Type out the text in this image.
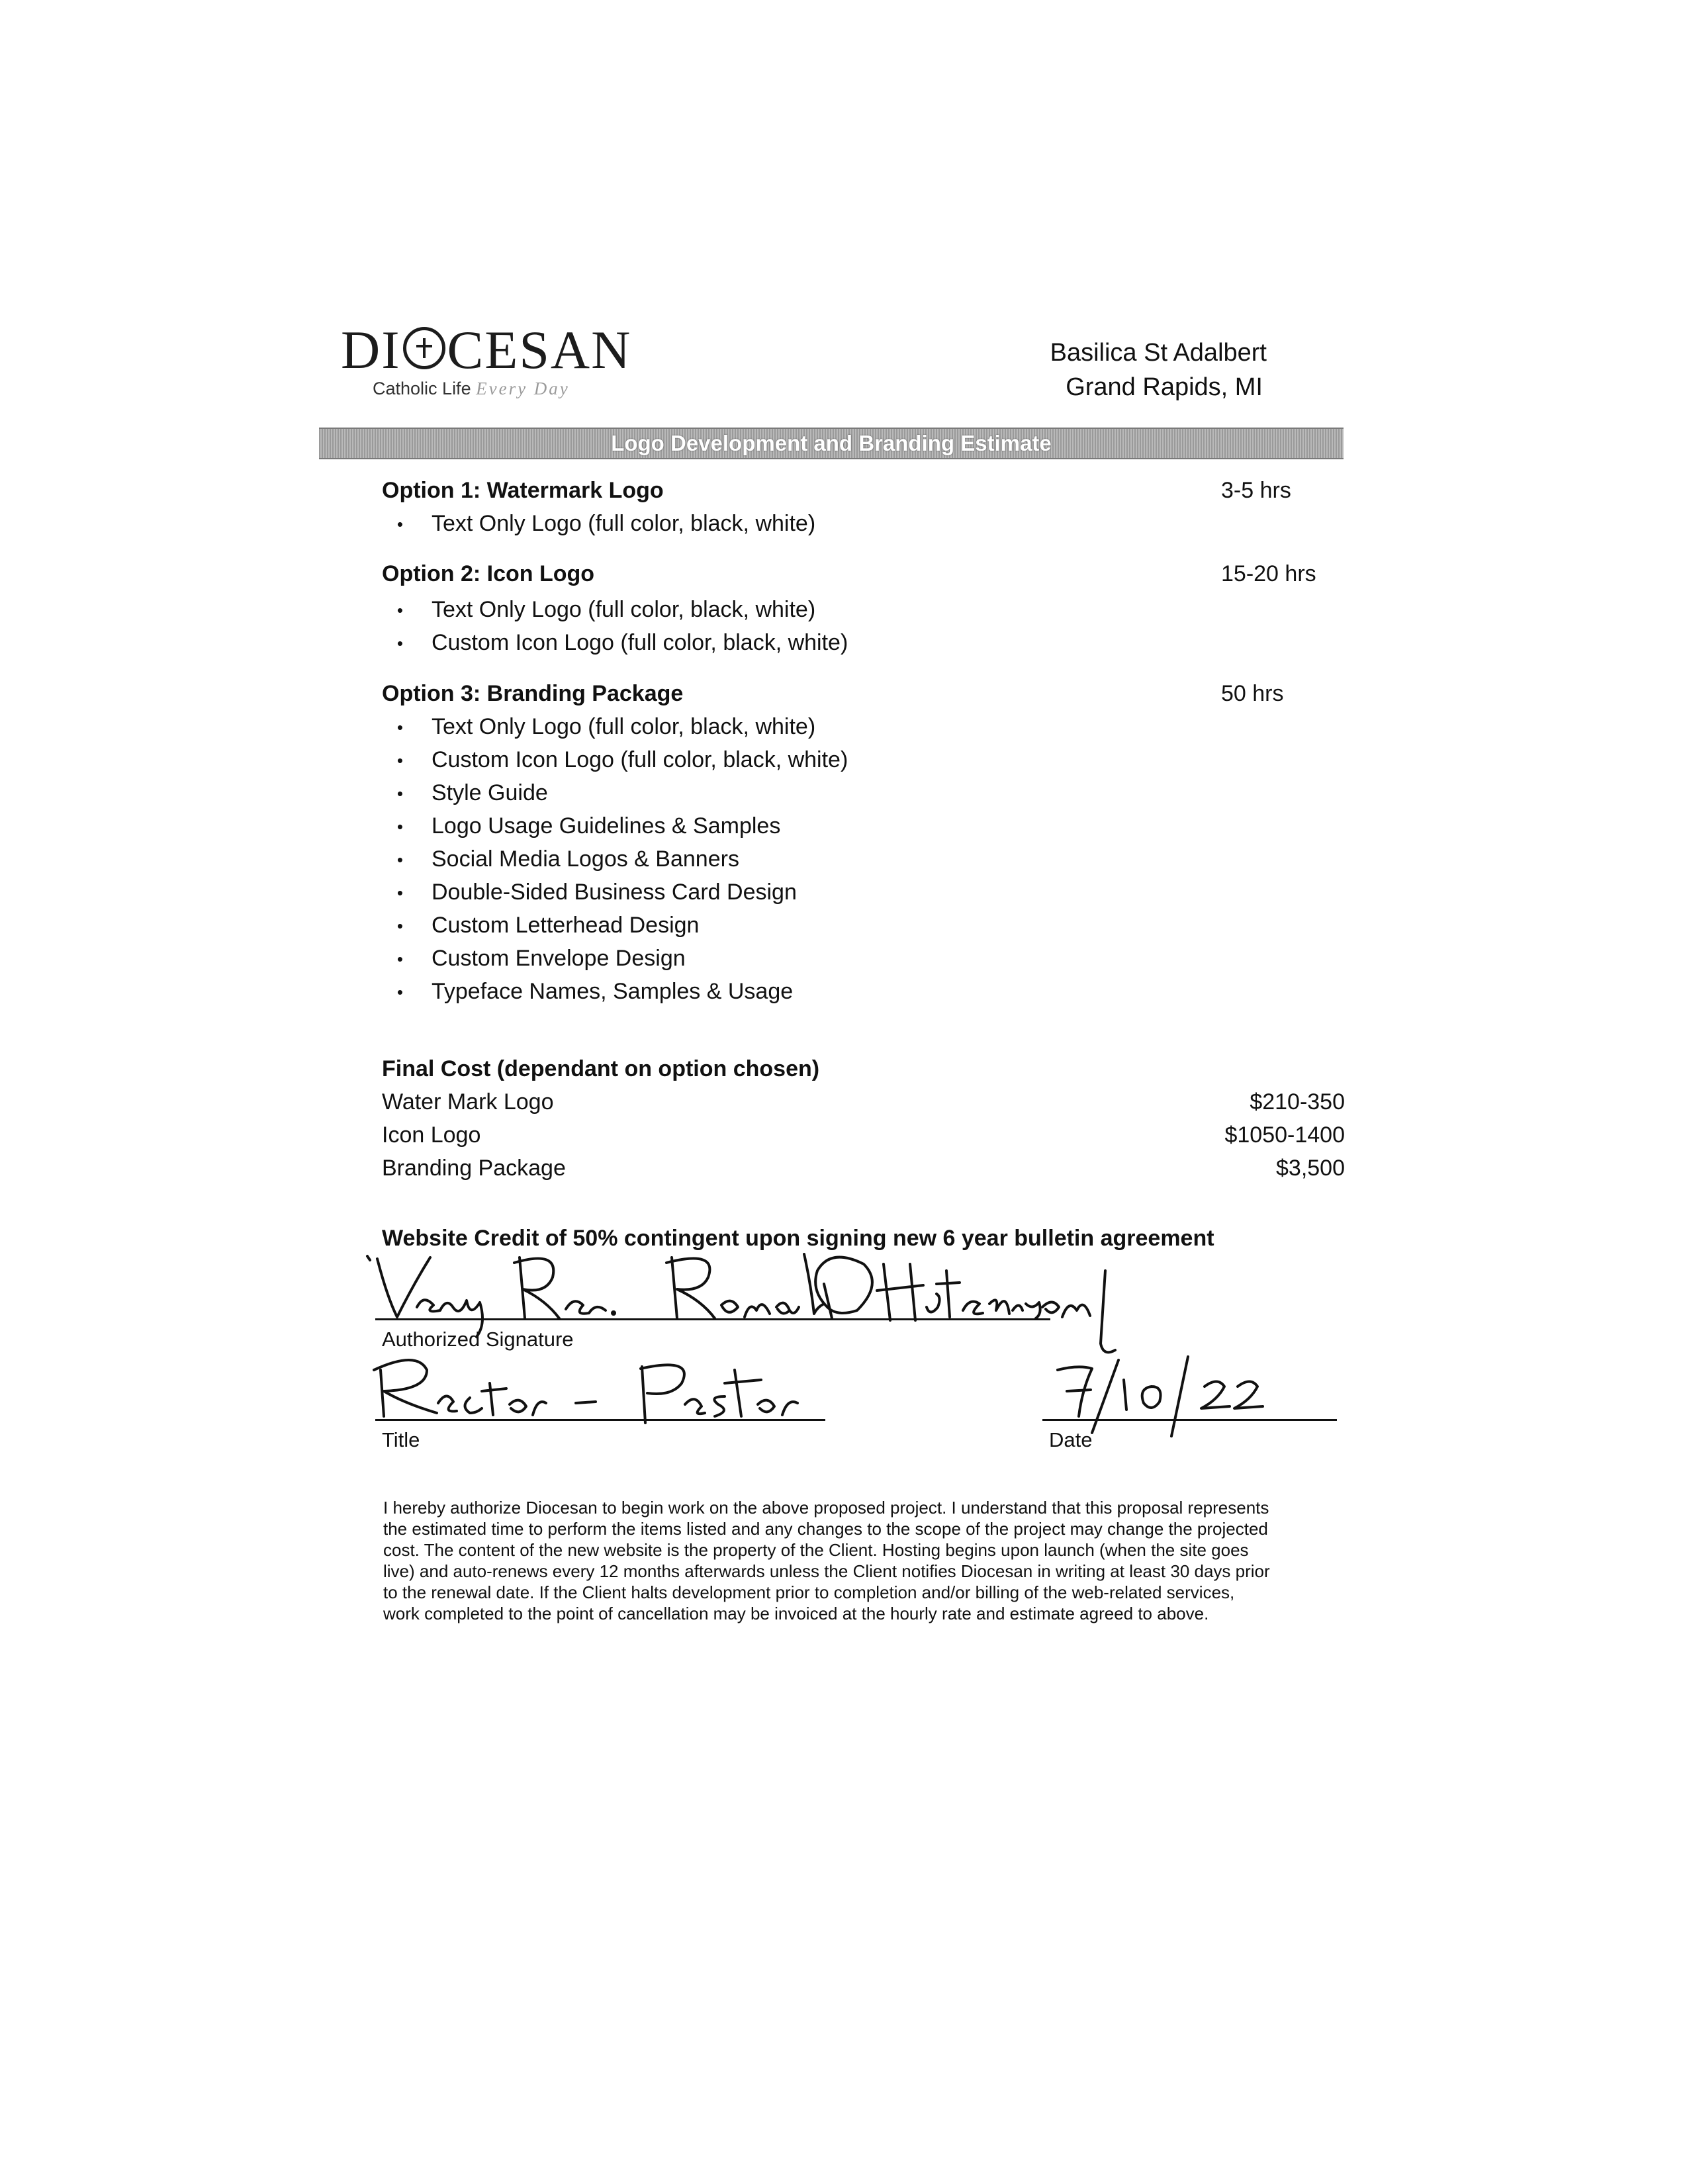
DI CESAN
Catholic Life Every Day
Basilica St Adalbert
Grand Rapids, MI
Logo Development and Branding Estimate
Option 1: Watermark Logo	3-5 hrs
• Text Only Logo (full color, black, white)
Option 2: Icon Logo	15-20 hrs
• Text Only Logo (full color, black, white)
• Custom Icon Logo (full color, black, white)
Option 3: Branding Package	50 hrs
• Text Only Logo (full color, black, white)
• Custom Icon Logo (full color, black, white)
• Style Guide
• Logo Usage Guidelines & Samples
• Social Media Logos & Banners
• Double-Sided Business Card Design
• Custom Letterhead Design
• Custom Envelope Design
• Typeface Names, Samples & Usage
Final Cost (dependant on option chosen)
Water Mark Logo	$210-350
Icon Logo	$1050-1400
Branding Package	$3,500
Website Credit of 50% contingent upon signing new 6 year bulletin agreement
Authorized Signature
Title	Date
I hereby authorize Diocesan to begin work on the above proposed project. I understand that this proposal represents the estimated time to perform the items listed and any changes to the scope of the project may change the projected cost. The content of the new website is the property of the Client. Hosting begins upon launch (when the site goes live) and auto-renews every 12 months afterwards unless the Client notifies Diocesan in writing at least 30 days prior to the renewal date. If the Client halts development prior to completion and/or billing of the web-related services, work completed to the point of cancellation may be invoiced at the hourly rate and estimate agreed to above.
